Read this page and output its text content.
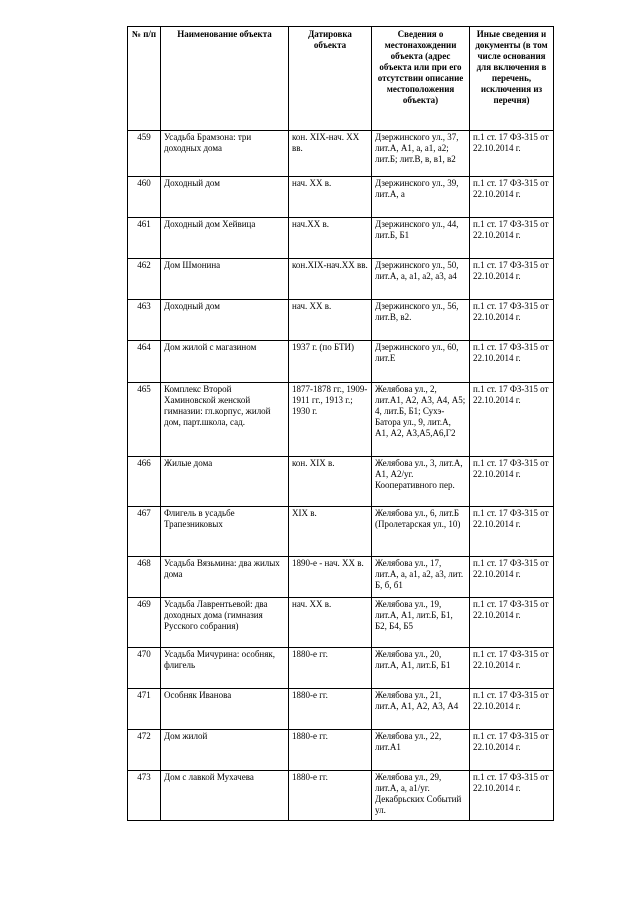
№ п/п	Наименование объекта	Датировка объекта	Сведения о местонахождении объекта (адрес объекта или при его отсутствии описание местоположения объекта)	Иные сведения и документы (в том числе основания для включения в перечень, исключения из перечня)
459	Усадьба Брамзона: три доходных дома	кон. XIX-нач. XX вв.	Дзержинского ул., 37, лит.А, А1, а, а1, а2; лит.Б; лит.В, в, в1, в2	п.1 ст. 17 ФЗ-315 от 22.10.2014 г.
460	Доходный дом	нач. XX в.	Дзержинского ул., 39, лит.А, а	п.1 ст. 17 ФЗ-315 от 22.10.2014 г.
461	Доходный дом Хейвица	нач.XX в.	Дзержинского ул., 44, лит.Б, Б1	п.1 ст. 17 ФЗ-315 от 22.10.2014 г.
462	Дом Шмонина	кон.XIX-нач.XX вв.	Дзержинского ул., 50, лит.А, а, а1, а2, а3, а4	п.1 ст. 17 ФЗ-315 от 22.10.2014 г.
463	Доходный дом	нач. XX в.	Дзержинского ул., 56, лит.В, в2.	п.1 ст. 17 ФЗ-315 от 22.10.2014 г.
464	Дом жилой с магазином	1937 г. (по БТИ)	Дзержинского ул., 60, лит.Е	п.1 ст. 17 ФЗ-315 от 22.10.2014 г.
465	Комплекс Второй Хаминовской женской гимназии: гл.корпус, жилой дом, парт.школа, сад.	1877-1878 гг., 1909-1911 гг., 1913 г.; 1930 г.	Желябова ул., 2, лит.А1, А2, А3, А4, А5; 4, лит.Б, Б1; Сухэ-Батора ул., 9, лит.А, А1, А2, А3,А5,А6,Г2	п.1 ст. 17 ФЗ-315 от 22.10.2014 г.
466	Жилые дома	кон. XIX в.	Желябова ул., 3, лит.А, А1, А2/уг. Кооперативного пер.	п.1 ст. 17 ФЗ-315 от 22.10.2014 г.
467	Флигель в усадьбе Трапезниковых	XIX в.	Желябова ул., 6, лит.Б (Пролетарская ул., 10)	п.1 ст. 17 ФЗ-315 от 22.10.2014 г.
468	Усадьба Вязьмина: два жилых дома	1890-е - нач. XX в.	Желябова ул., 17, лит.А, а, а1, а2, а3, лит. Б, б, б1	п.1 ст. 17 ФЗ-315 от 22.10.2014 г.
469	Усадьба Лаврентьевой: два доходных дома (гимназия Русского собрания)	нач. XX в.	Желябова ул., 19, лит.А, А1, лит.Б, Б1, Б2, Б4, Б5	п.1 ст. 17 ФЗ-315 от 22.10.2014 г.
470	Усадьба Мичурина: особняк, флигель	1880-е гг.	Желябова ул., 20, лит.А, А1, лит.Б, Б1	п.1 ст. 17 ФЗ-315 от 22.10.2014 г.
471	Особняк Иванова	1880-е гг.	Желябова ул., 21, лит.А, А1, А2, А3, А4	п.1 ст. 17 ФЗ-315 от 22.10.2014 г.
472	Дом жилой	1880-е гг.	Желябова ул., 22, лит.А1	п.1 ст. 17 ФЗ-315 от 22.10.2014 г.
473	Дом с лавкой Мухачева	1880-е гг.	Желябова ул., 29, лит.А, а, а1/уг. Декабрьских Событий ул.	п.1 ст. 17 ФЗ-315 от 22.10.2014 г.
